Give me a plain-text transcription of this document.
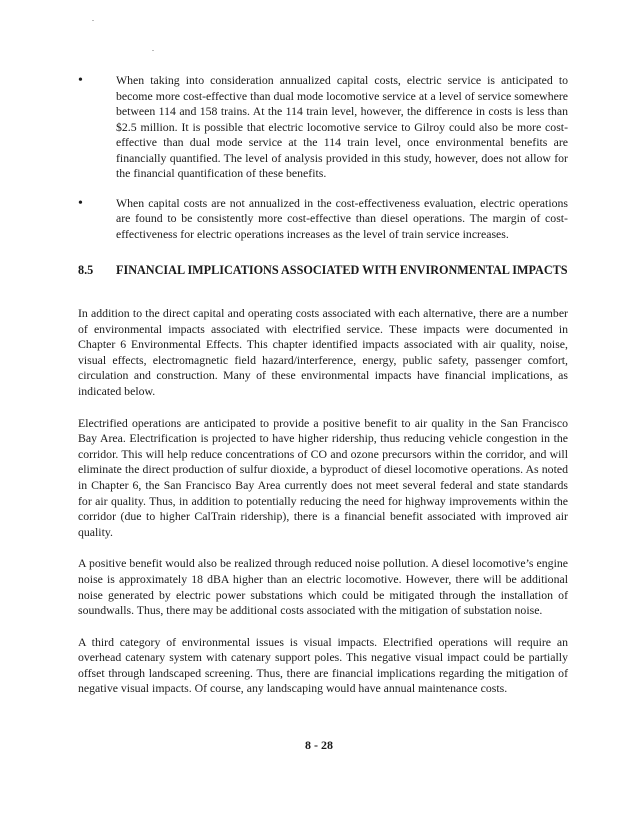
•	When taking into consideration annualized capital costs, electric service is anticipated to become more cost-effective than dual mode locomotive service at a level of service somewhere between 114 and 158 trains. At the 114 train level, however, the difference in costs is less than $2.5 million. It is possible that electric locomotive service to Gilroy could also be more cost-effective than dual mode service at the 114 train level, once environmental benefits are financially quantified. The level of analysis provided in this study, however, does not allow for the financial quantification of these benefits.
•	When capital costs are not annualized in the cost-effectiveness evaluation, electric operations are found to be consistently more cost-effective than diesel operations. The margin of cost-effectiveness for electric operations increases as the level of train service increases.
8.5	FINANCIAL IMPLICATIONS ASSOCIATED WITH ENVIRONMENTAL IMPACTS

In addition to the direct capital and operating costs associated with each alternative, there are a number of environmental impacts associated with electrified service. These impacts were documented in Chapter 6 Environmental Effects. This chapter identified impacts associated with air quality, noise, visual effects, electromagnetic field hazard/interference, energy, public safety, passenger comfort, circulation and construction. Many of these environmental impacts have financial implications, as indicated below.

Electrified operations are anticipated to provide a positive benefit to air quality in the San Francisco Bay Area. Electrification is projected to have higher ridership, thus reducing vehicle congestion in the corridor. This will help reduce concentrations of CO and ozone precursors within the corridor, and will eliminate the direct production of sulfur dioxide, a byproduct of diesel locomotive operations. As noted in Chapter 6, the San Francisco Bay Area currently does not meet several federal and state standards for air quality. Thus, in addition to potentially reducing the need for highway improvements within the corridor (due to higher CalTrain ridership), there is a financial benefit associated with improved air quality.

A positive benefit would also be realized through reduced noise pollution. A diesel locomotive’s engine noise is approximately 18 dBA higher than an electric locomotive. However, there will be additional noise generated by electric power substations which could be mitigated through the installation of soundwalls. Thus, there may be additional costs associated with the mitigation of substation noise.

A third category of environmental issues is visual impacts. Electrified operations will require an overhead catenary system with catenary support poles. This negative visual impact could be partially offset through landscaped screening. Thus, there are financial implications regarding the mitigation of negative visual impacts. Of course, any landscaping would have annual maintenance costs.

8 - 28
